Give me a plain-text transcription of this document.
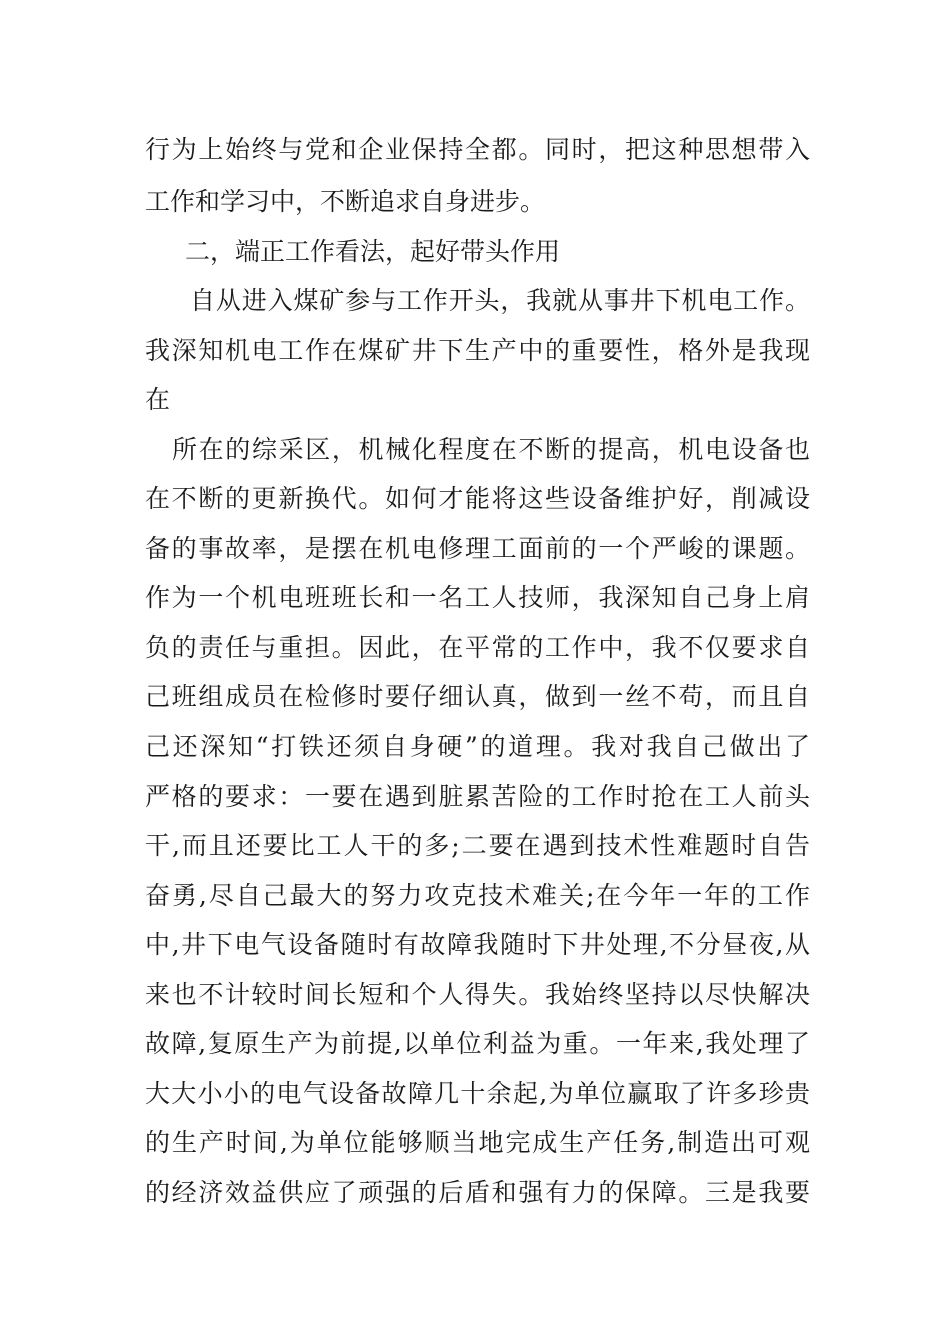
行为上始终与党和企业保持全都。同时，把这种思想带入
工作和学习中，不断追求自身进步。
二，端正工作看法，起好带头作用
自从进入煤矿参与工作开头，我就从事井下机电工作。
我深知机电工作在煤矿井下生产中的重要性，格外是我现
在
所在的综采区，机械化程度在不断的提高，机电设备也
在不断的更新换代。如何才能将这些设备维护好，削减设
备的事故率，是摆在机电修理工面前的一个严峻的课题。
作为一个机电班班长和一名工人技师，我深知自己身上肩
负的责任与重担。因此，在平常的工作中，我不仅要求自
己班组成员在检修时要仔细认真，做到一丝不苟，而且自
己还深知“打铁还须自身硬”的道理。我对我自己做出了
严格的要求：一要在遇到脏累苦险的工作时抢在工人前头
干,而且还要比工人干的多;二要在遇到技术性难题时自告
奋勇,尽自己最大的努力攻克技术难关;在今年一年的工作
中,井下电气设备随时有故障我随时下井处理,不分昼夜,从
来也不计较时间长短和个人得失。我始终坚持以尽快解决
故障,复原生产为前提,以单位利益为重。一年来,我处理了
大大小小的电气设备故障几十余起,为单位赢取了许多珍贵
的生产时间,为单位能够顺当地完成生产任务,制造出可观
的经济效益供应了顽强的后盾和强有力的保障。三是我要
